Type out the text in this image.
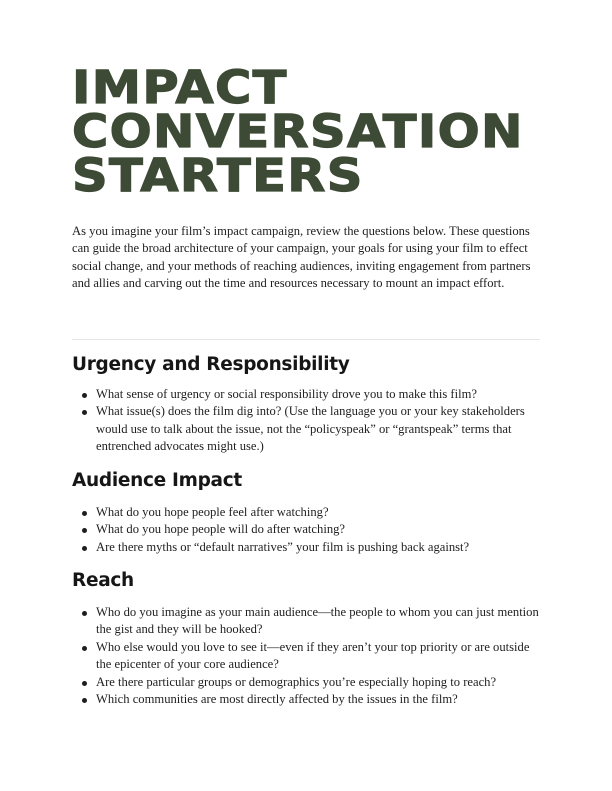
IMPACT
CONVERSATION
STARTERS

As you imagine your film’s impact campaign, review the questions below. These questions can guide the broad architecture of your campaign, your goals for using your film to effect social change, and your methods of reaching audiences, inviting engagement from partners and allies and carving out the time and resources necessary to mount an impact effort.

Urgency and Responsibility
What sense of urgency or social responsibility drove you to make this film?
What issue(s) does the film dig into? (Use the language you or your key stakeholders would use to talk about the issue, not the “policyspeak” or “grantspeak” terms that entrenched advocates might use.)
Audience Impact
What do you hope people feel after watching?
What do you hope people will do after watching?
Are there myths or “default narratives” your film is pushing back against?
Reach
Who do you imagine as your main audience—the people to whom you can just mention the gist and they will be hooked?
Who else would you love to see it—even if they aren’t your top priority or are outside the epicenter of your core audience?
Are there particular groups or demographics you’re especially hoping to reach?
Which communities are most directly affected by the issues in the film?
